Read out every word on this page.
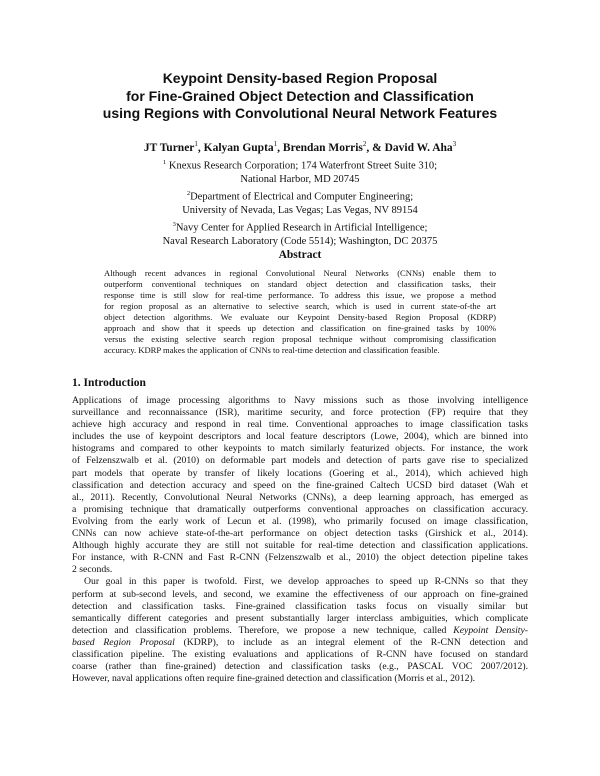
Keypoint Density-based Region Proposal
for Fine-Grained Object Detection and Classification
using Regions with Convolutional Neural Network Features
JT Turner$^1$, Kalyan Gupta$^1$, Brendan Morris$^2$, & David W. Aha$^3$
$^1$ Knexus Research Corporation; 174 Waterfront Street Suite 310;
National Harbor, MD 20745
$^2$Department of Electrical and Computer Engineering;
University of Nevada, Las Vegas; Las Vegas, NV 89154
$^3$Navy Center for Applied Research in Artificial Intelligence;
Naval Research Laboratory (Code 5514); Washington, DC 20375
Abstract
Although recent advances in regional Convolutional Neural Networks (CNNs) enable them to
outperform conventional techniques on standard object detection and classification tasks, their
response time is still slow for real-time performance. To address this issue, we propose a method
for region proposal as an alternative to selective search, which is used in current state-of-the art
object detection algorithms. We evaluate our Keypoint Density-based Region Proposal (KDRP)
approach and show that it speeds up detection and classification on fine-grained tasks by 100%
versus the existing selective search region proposal technique without compromising classification
accuracy. KDRP makes the application of CNNs to real-time detection and classification feasible.
1. Introduction
Applications of image processing algorithms to Navy missions such as those involving intelligence
surveillance and reconnaissance (ISR), maritime security, and force protection (FP) require that they
achieve high accuracy and respond in real time. Conventional approaches to image classification tasks
includes the use of keypoint descriptors and local feature descriptors (Lowe, 2004), which are binned into
histograms and compared to other keypoints to match similarly featurized objects. For instance, the work
of Felzenszwalb et al. (2010) on deformable part models and detection of parts gave rise to specialized
part models that operate by transfer of likely locations (Goering et al., 2014), which achieved high
classification and detection accuracy and speed on the fine-grained Caltech UCSD bird dataset (Wah et
al., 2011). Recently, Convolutional Neural Networks (CNNs), a deep learning approach, has emerged as
a promising technique that dramatically outperforms conventional approaches on classification accuracy.
Evolving from the early work of Lecun et al. (1998), who primarily focused on image classification,
CNNs can now achieve state-of-the-art performance on object detection tasks (Girshick et al., 2014).
Although highly accurate they are still not suitable for real-time detection and classification applications.
For instance, with R-CNN and Fast R-CNN (Felzenszwalb et al., 2010) the object detection pipeline takes
2 seconds.
Our goal in this paper is twofold. First, we develop approaches to speed up R-CNNs so that they
perform at sub-second levels, and second, we examine the effectiveness of our approach on fine-grained
detection and classification tasks. Fine-grained classification tasks focus on visually similar but
semantically different categories and present substantially larger interclass ambiguities, which complicate
detection and classification problems. Therefore, we propose a new technique, called Keypoint Density-
based Region Proposal (KDRP), to include as an integral element of the R-CNN detection and
classification pipeline. The existing evaluations and applications of R-CNN have focused on standard
coarse (rather than fine-grained) detection and classification tasks (e.g., PASCAL VOC 2007/2012).
However, naval applications often require fine-grained detection and classification (Morris et al., 2012).
